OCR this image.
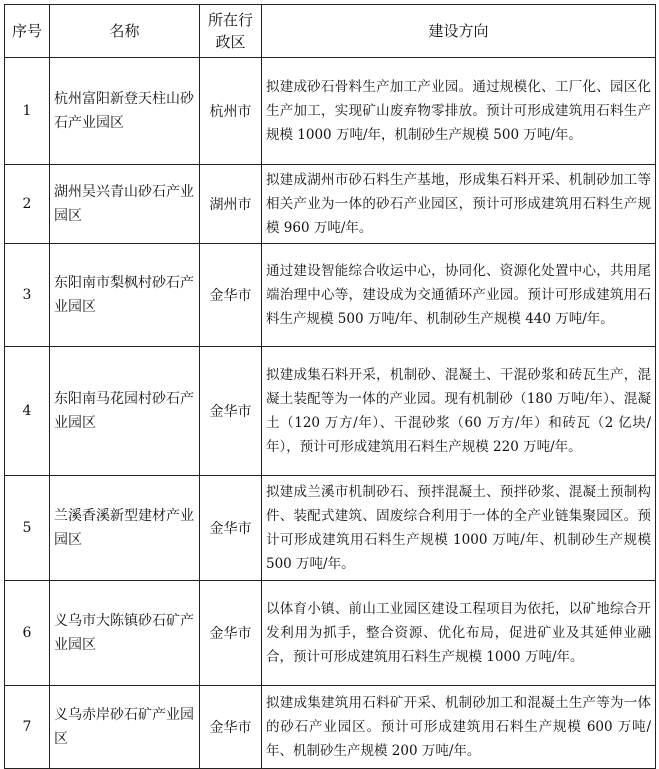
序号	名称	所在行政区	建设方向
1	杭州富阳新登天柱山砂石产业园区	杭州市	拟建成砂石骨料生产加工产业园。通过规模化、工厂化、园区化生产加工，实现矿山废弃物零排放。预计可形成建筑用石料生产规模 1000 万吨/年，机制砂生产规模 500 万吨/年。
2	湖州吴兴青山砂石产业园区	湖州市	拟建成湖州市砂石料生产基地，形成集石料开采、机制砂加工等相关产业为一体的砂石产业园区，预计可形成建筑用石料生产规模 960 万吨/年。
3	东阳南市梨枫村砂石产业园区	金华市	通过建设智能综合收运中心，协同化、资源化处置中心，共用尾端治理中心等，建设成为交通循环产业园。预计可形成建筑用石料生产规模 500 万吨/年、机制砂生产规模 440 万吨/年。
4	东阳南马花园村砂石产业园区	金华市	拟建成集石料开采，机制砂、混凝土、干混砂浆和砖瓦生产，混凝土装配等为一体的产业园。现有机制砂（180 万吨/年）、混凝土（120 万方/年）、干混砂浆（60 万方/年）和砖瓦（2 亿块/年），预计可形成建筑用石料生产规模 220 万吨/年。
5	兰溪香溪新型建材产业园区	金华市	拟建成兰溪市机制砂石、预拌混凝土、预拌砂浆、混凝土预制构件、装配式建筑、固废综合利用于一体的全产业链集聚园区。预计可形成建筑用石料生产规模 1000 万吨/年、机制砂生产规模 500 万吨/年。
6	义乌市大陈镇砂石矿产业园区	金华市	以体育小镇、前山工业园区建设工程项目为依托，以矿地综合开发利用为抓手，整合资源、优化布局，促进矿业及其延伸业融合，预计可形成建筑用石料生产规模 1000 万吨/年。
7	义乌赤岸砂石矿产业园区	金华市	拟建成集建筑用石料矿开采、机制砂加工和混凝土生产等为一体的砂石产业园区。预计可形成建筑用石料生产规模 600 万吨/年、机制砂生产规模 200 万吨/年。
